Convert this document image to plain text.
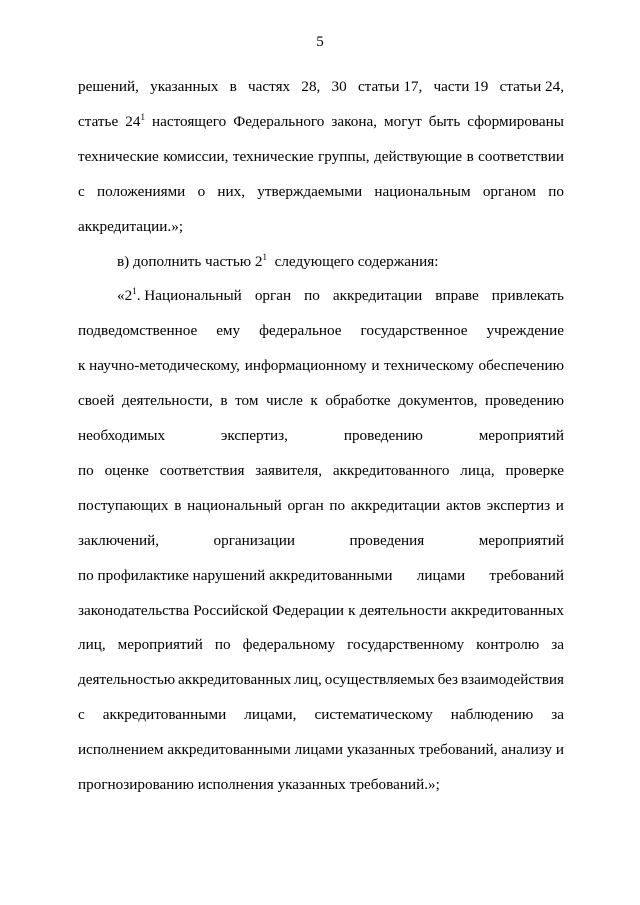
5
решений, указанных в частях 28, 30 статьи 17, части 19 статьи 24,
статье $24^1$ настоящего Федерального закона, могут быть сформированы
технические комиссии, технические группы, действующие в соответствии
с положениями о них, утверждаемыми национальным органом по
аккредитации.»;
в) дополнить частью $2^1$  следующего содержания:
«$2^1$. Национальный орган по аккредитации вправе привлекать
подведомственное ему федеральное государственное учреждение
к научно-методическому, информационному и техническому обеспечению
своей деятельности, в том числе к обработке документов, проведению
необходимых	экспертиз,	проведению	мероприятий
по оценке соответствия заявителя, аккредитованного лица, проверке
поступающих в национальный орган по аккредитации актов экспертиз и
заключений,	организации	проведения	мероприятий
по профилактике нарушений аккредитованными лицами требований
законодательства Российской Федерации к деятельности аккредитованных
лиц, мероприятий по федеральному государственному контролю за
деятельностью аккредитованных лиц, осуществляемых без взаимодействия
с аккредитованными лицами, систематическому наблюдению за
исполнением аккредитованными лицами указанных требований, анализу и
прогнозированию исполнения указанных требований.»;
